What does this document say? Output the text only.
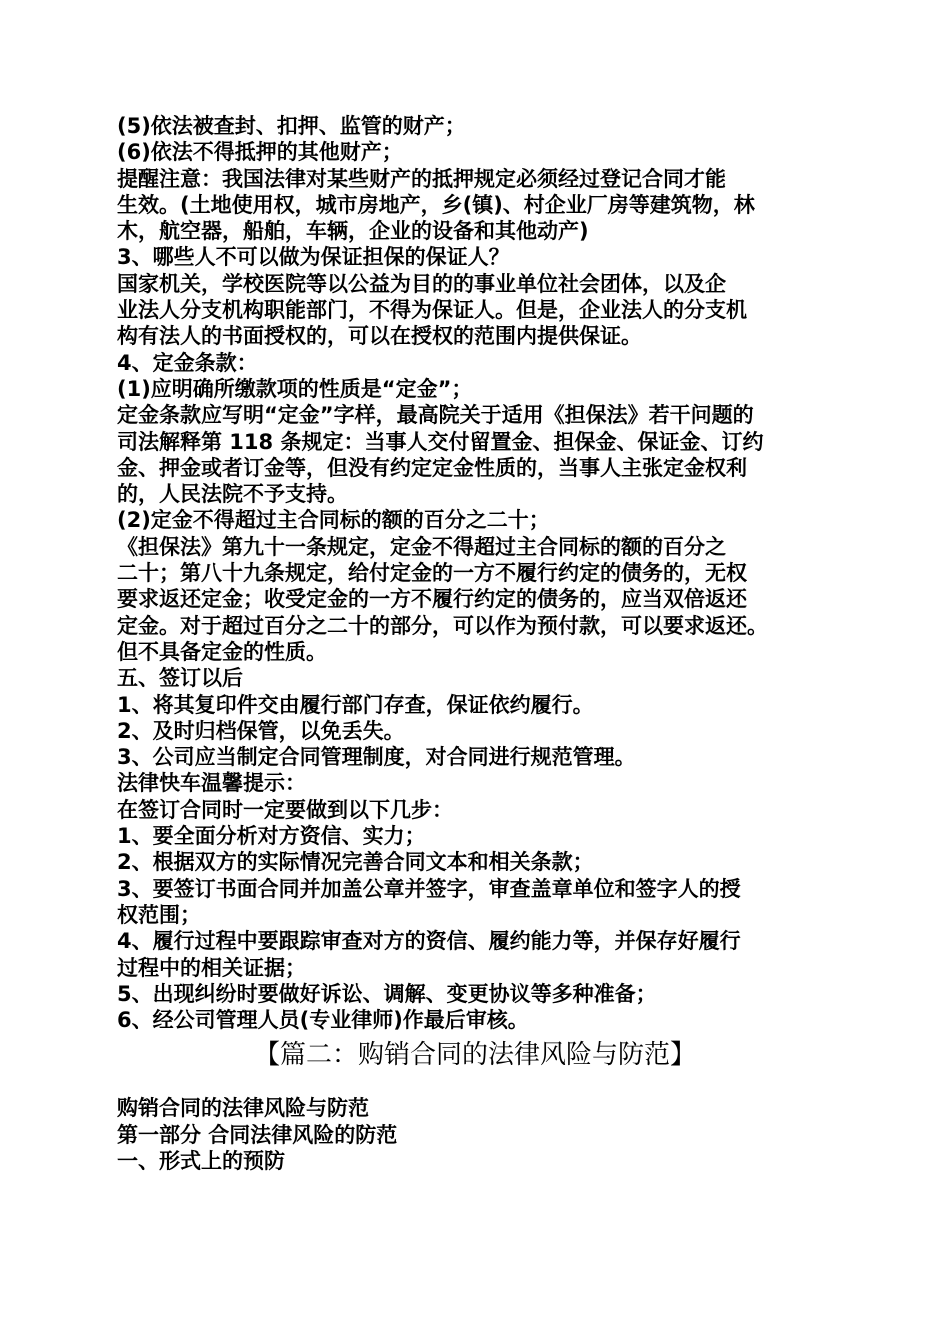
(5)依法被查封、扣押、监管的财产；
(6)依法不得抵押的其他财产；
提醒注意：我国法律对某些财产的抵押规定必须经过登记合同才能
生效。(土地使用权，城市房地产，乡(镇)、村企业厂房等建筑物，林
木，航空器，船舶，车辆，企业的设备和其他动产)
3、哪些人不可以做为保证担保的保证人？
国家机关，学校医院等以公益为目的的事业单位社会团体，以及企
业法人分支机构职能部门，不得为保证人。但是，企业法人的分支机
构有法人的书面授权的，可以在授权的范围内提供保证。
4、定金条款：
(1)应明确所缴款项的性质是“定金”；
定金条款应写明“定金”字样，最高院关于适用《担保法》若干问题的
司法解释第 118 条规定：当事人交付留置金、担保金、保证金、订约
金、押金或者订金等，但没有约定定金性质的，当事人主张定金权利
的，人民法院不予支持。
(2)定金不得超过主合同标的额的百分之二十；
《担保法》第九十一条规定，定金不得超过主合同标的额的百分之
二十；第八十九条规定，给付定金的一方不履行约定的债务的，无权
要求返还定金；收受定金的一方不履行约定的债务的，应当双倍返还
定金。对于超过百分之二十的部分，可以作为预付款，可以要求返还。
但不具备定金的性质。
五、签订以后
1、将其复印件交由履行部门存查，保证依约履行。
2、及时归档保管，以免丢失。
3、公司应当制定合同管理制度，对合同进行规范管理。
法律快车温馨提示：
在签订合同时一定要做到以下几步：
1、要全面分析对方资信、实力；
2、根据双方的实际情况完善合同文本和相关条款；
3、要签订书面合同并加盖公章并签字，审查盖章单位和签字人的授
权范围；
4、履行过程中要跟踪审查对方的资信、履约能力等，并保存好履行
过程中的相关证据；
5、出现纠纷时要做好诉讼、调解、变更协议等多种准备；
6、经公司管理人员(专业律师)作最后审核。
【篇二：购销合同的法律风险与防范】
购销合同的法律风险与防范
第一部分 合同法律风险的防范
一、形式上的预防
